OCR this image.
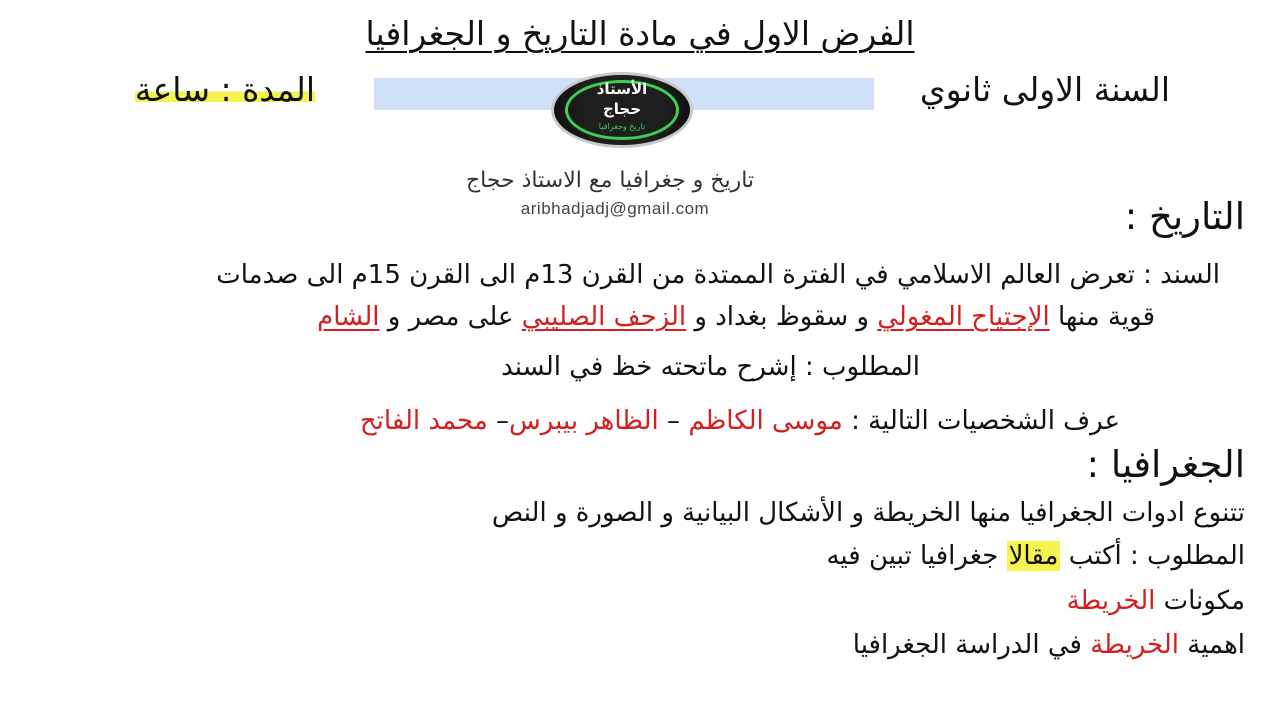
الفرض الاول في مادة التاريخ و الجغرافيا
السنة الاولى ثانوي
المدة : ساعة	الأستاذ
حجاج
تاريخ وجغرافيا
تاريخ و جغرافيا مع الاستاذ حجاج
aribhadjadj@gmail.com	التاريخ :
السند : تعرض العالم الاسلامي في الفترة الممتدة من القرن 13م الى القرن 15م الى صدمات
قوية منها الإجتياح المغولي و سقوظ بغداد و الزحف الصليبي على مصر و الشام
المطلوب : إشرح ماتحته خظ في السند
عرف الشخصيات التالية : موسى الكاظم – الظاهر بيبرس– محمد الفاتح
الجغرافيا :
تتنوع ادوات الجغرافيا منها الخريطة و الأشكال البيانية و الصورة و النص
المطلوب : أكتب مقالا جغرافيا تبين فيه
مكونات الخريطة
اهمية الخريطة في الدراسة الجغرافيا
